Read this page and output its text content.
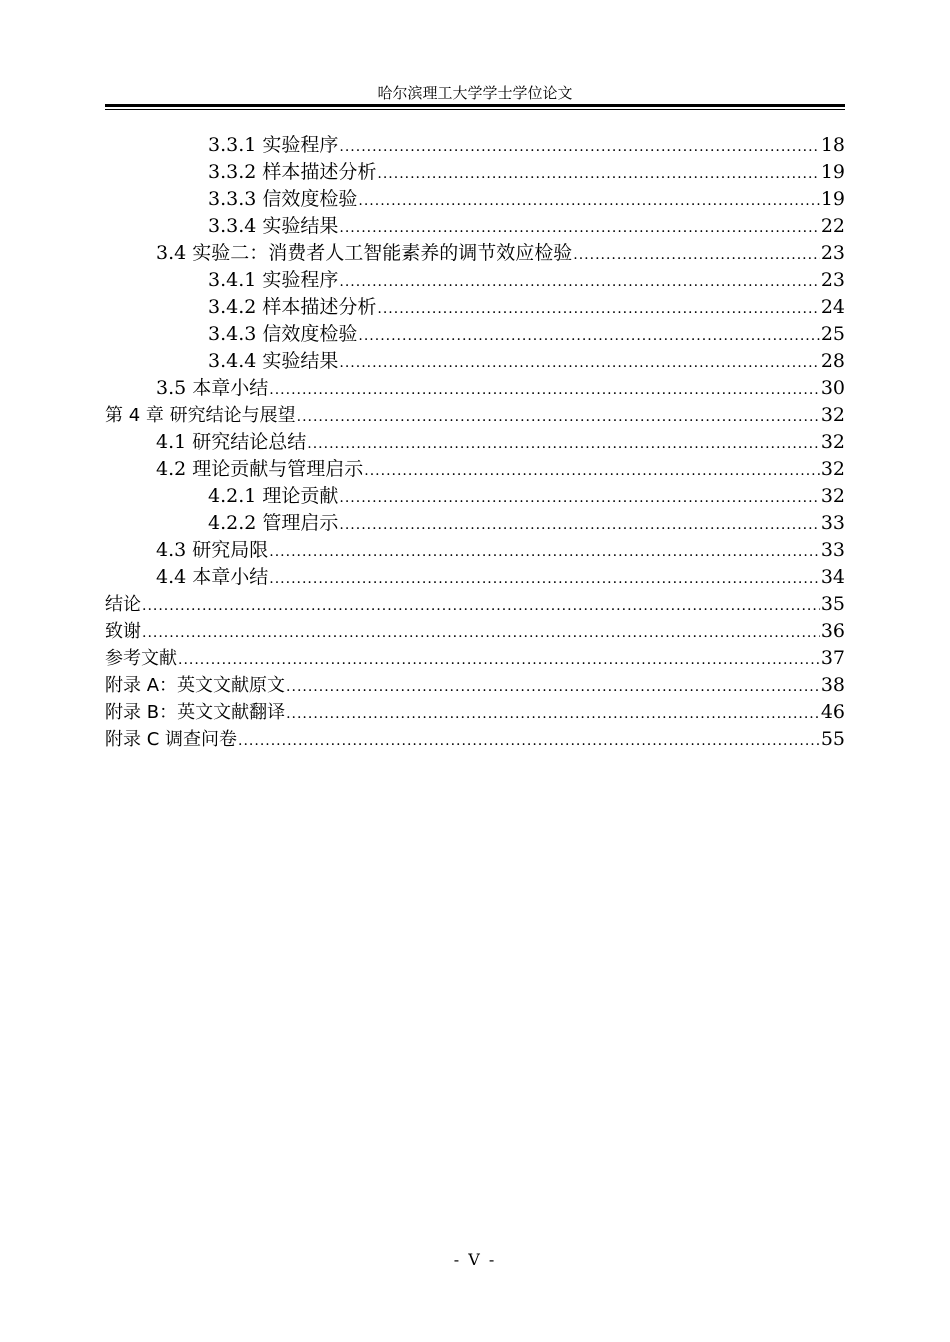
哈尔滨理工大学学士学位论文
3.3.1 实验程序 .....	18
3.3.2 样本描述分析 .....	19
3.3.3 信效度检验 .....	19
3.3.4 实验结果 .....	22
3.4 实验二：消费者人工智能素养的调节效应检验 .....	23
3.4.1 实验程序 .....	23
3.4.2 样本描述分析 .....	24
3.4.3 信效度检验 .....	25
3.4.4 实验结果 .....	28
3.5 本章小结 .....	30
第 4 章 研究结论与展望 .....	32
4.1 研究结论总结 .....	32
4.2 理论贡献与管理启示 .....	32
4.2.1 理论贡献 .....	32
4.2.2 管理启示 .....	33
4.3 研究局限 .....	33
4.4 本章小结 .....	34
结论 .....	35
致谢 .....	36
参考文献 .....	37
附录 A：英文文献原文 .....	38
附录 B：英文文献翻译 .....	46
附录 C 调查问卷 .....	55
- V -
